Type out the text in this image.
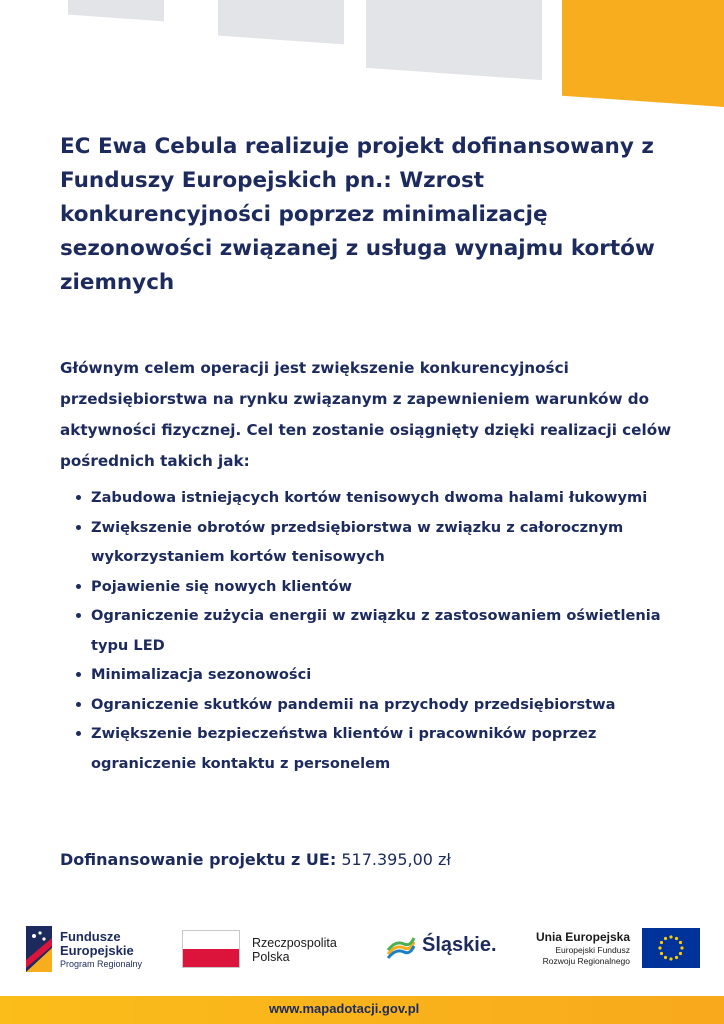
EC Ewa Cebula realizuje projekt dofinansowany z Funduszy Europejskich pn.: Wzrost konkurencyjności poprzez minimalizację sezonowości związanej z usługa wynajmu kortów ziemnych

Głównym celem operacji jest zwiększenie konkurencyjności przedsiębiorstwa na rynku związanym z zapewnieniem warunków do aktywności fizycznej. Cel ten zostanie osiągnięty dzięki realizacji celów pośrednich takich jak:

Zabudowa istniejących kortów tenisowych dwoma halami łukowymi
Zwiększenie obrotów przedsiębiorstwa w związku z całorocznym wykorzystaniem kortów tenisowych
Pojawienie się nowych klientów
Ograniczenie zużycia energii w związku z zastosowaniem oświetlenia typu LED
Minimalizacja sezonowości
Ograniczenie skutków pandemii na przychody przedsiębiorstwa
Zwiększenie bezpieczeństwa klientów i pracowników poprzez ograniczenie kontaktu z personelem

Dofinansowanie projektu z UE: 517.395,00 zł

Fundusze
Europejskie
Program Regionalny
Rzeczpospolita
Polska
Śląskie.	Unia Europejska
Europejski Fundusz
Rozwoju Regionalnego
www.mapadotacji.gov.pl
